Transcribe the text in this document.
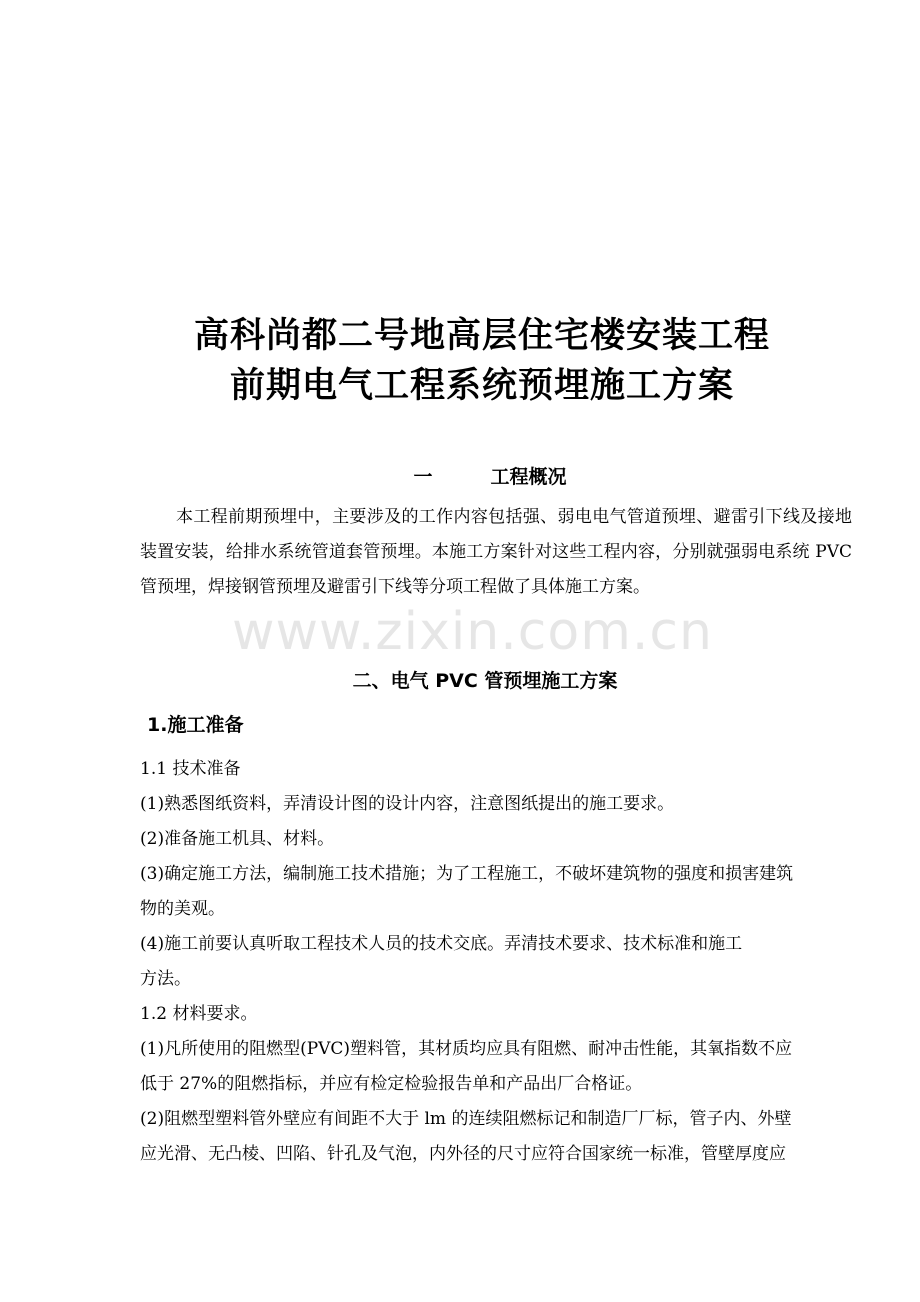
高科尚都二号地高层住宅楼安装工程
前期电气工程系统预埋施工方案
一	工程概况
本工程前期预埋中，主要涉及的工作内容包括强、弱电电气管道预埋、避雷引下线及接地装置安装，给排水系统管道套管预埋。本施工方案针对这些工程内容，分别就强弱电系统 PVC 管预埋，焊接钢管预埋及避雷引下线等分项工程做了具体施工方案。
www.zixin.com.cn
二、电气 PVC 管预埋施工方案
1.施工准备
1.1 技术准备
(1)熟悉图纸资料，弄清设计图的设计内容，注意图纸提出的施工要求。
(2)准备施工机具、材料。
(3)确定施工方法，编制施工技术措施；为了工程施工，不破坏建筑物的强度和损害建筑
物的美观。
(4)施工前要认真听取工程技术人员的技术交底。弄清技术要求、技术标准和施工
方法。
1.2 材料要求。
(1)凡所使用的阻燃型(PVC)塑料管，其材质均应具有阻燃、耐冲击性能，其氧指数不应
低于 27%的阻燃指标，并应有检定检验报告单和产品出厂合格证。
(2)阻燃型塑料管外壁应有间距不大于 lm 的连续阻燃标记和制造厂厂标，管子内、外壁
应光滑、无凸棱、凹陷、针孔及气泡，内外径的尺寸应符合国家统一标准，管壁厚度应
